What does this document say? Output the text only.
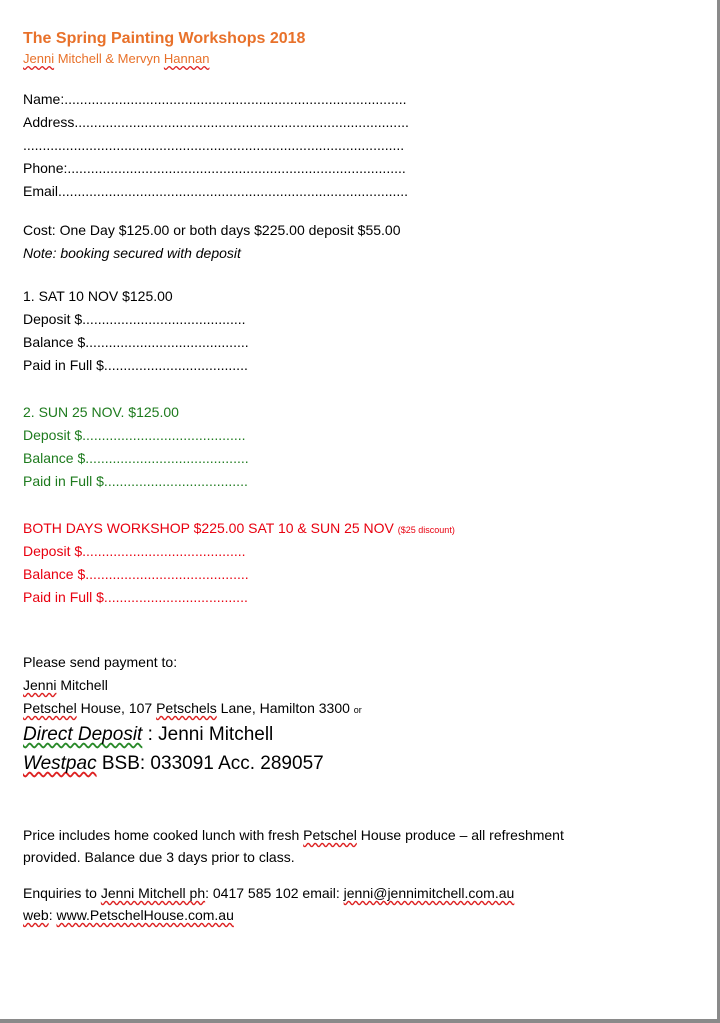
The Spring Painting Workshops 2018
Jenni Mitchell & Mervyn Hannan
Name:........................................................................................
Address......................................................................................
..................................................................................................
Phone:.......................................................................................
Email..........................................................................................
Cost: One Day $125.00 or both days $225.00 deposit $55.00
Note: booking secured with deposit
1. SAT 10 NOV $125.00
Deposit $..........................................
Balance $..........................................
Paid in Full $.....................................
2. SUN 25 NOV. $125.00
Deposit $..........................................
Balance $..........................................
Paid in Full $.....................................
BOTH DAYS WORKSHOP $225.00 SAT 10 & SUN 25 NOV ($25 discount)
Deposit $..........................................
Balance $..........................................
Paid in Full $.....................................
Please send payment to:
Jenni Mitchell
Petschel House, 107 Petschels Lane, Hamilton 3300 or
Direct Deposit : Jenni Mitchell
Westpac BSB: 033091 Acc. 289057
Price includes home cooked lunch with fresh Petschel House produce – all refreshment
provided. Balance due 3 days prior to class.
Enquiries to Jenni Mitchell ph: 0417 585 102 email: jenni@jennimitchell.com.au
web: www.PetschelHouse.com.au
